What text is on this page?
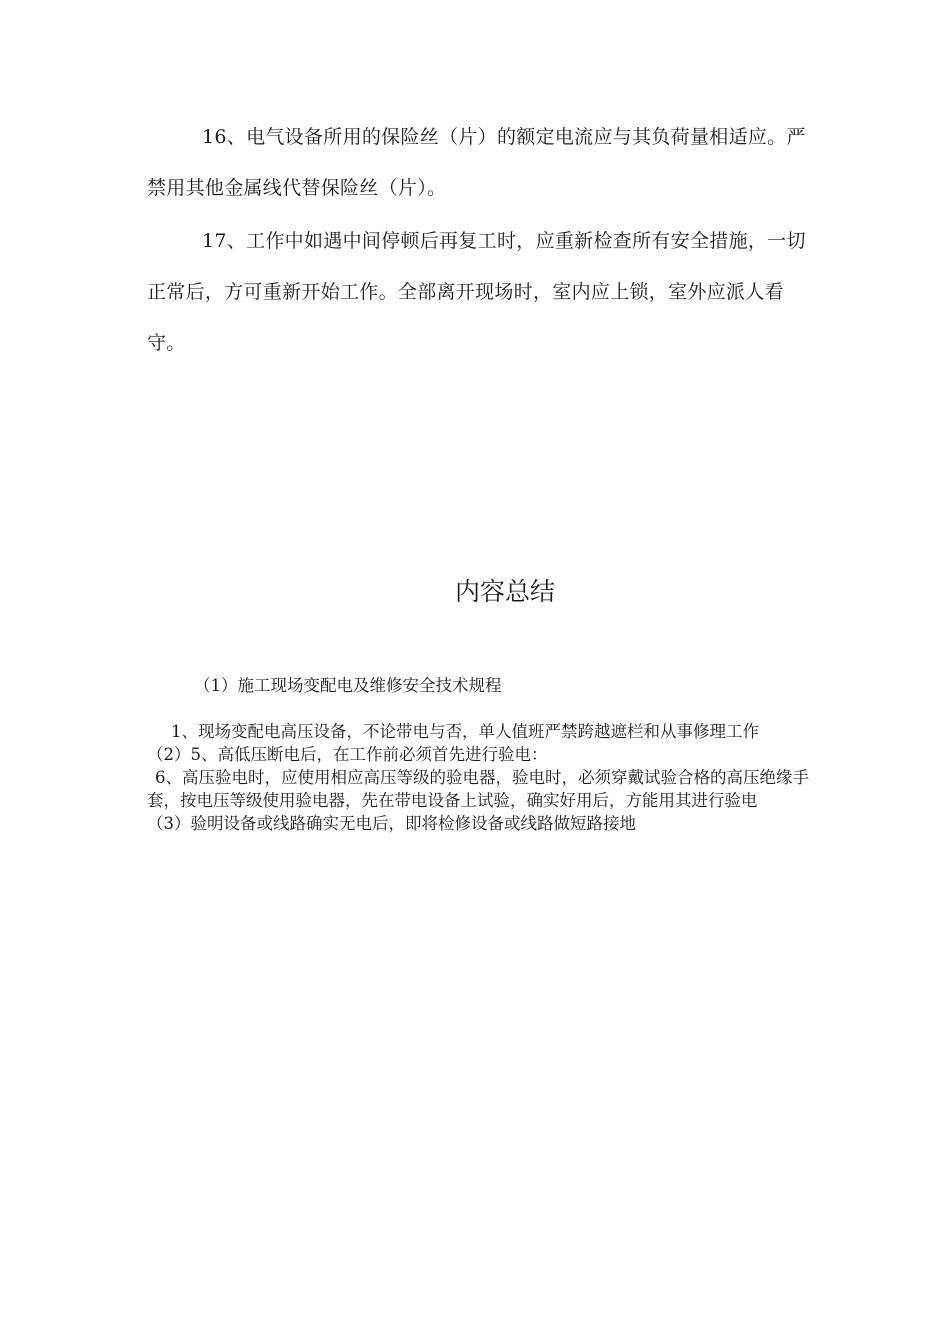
16、电气设备所用的保险丝（片）的额定电流应与其负荷量相适应。严禁用其他金属线代替保险丝（片）。

17、工作中如遇中间停顿后再复工时，应重新检查所有安全措施，一切正常后，方可重新开始工作。全部离开现场时，室内应上锁，室外应派人看守。

内容总结

（1）施工现场变配电及维修安全技术规程

1、现场变配电高压设备，不论带电与否，单人值班严禁跨越遮栏和从事修理工作

（2）5、高低压断电后，在工作前必须首先进行验电：

6、高压验电时，应使用相应高压等级的验电器，验电时，必须穿戴试验合格的高压绝缘手套，按电压等级使用验电器，先在带电设备上试验，确实好用后，方能用其进行验电

（3）验明设备或线路确实无电后，即将检修设备或线路做短路接地
